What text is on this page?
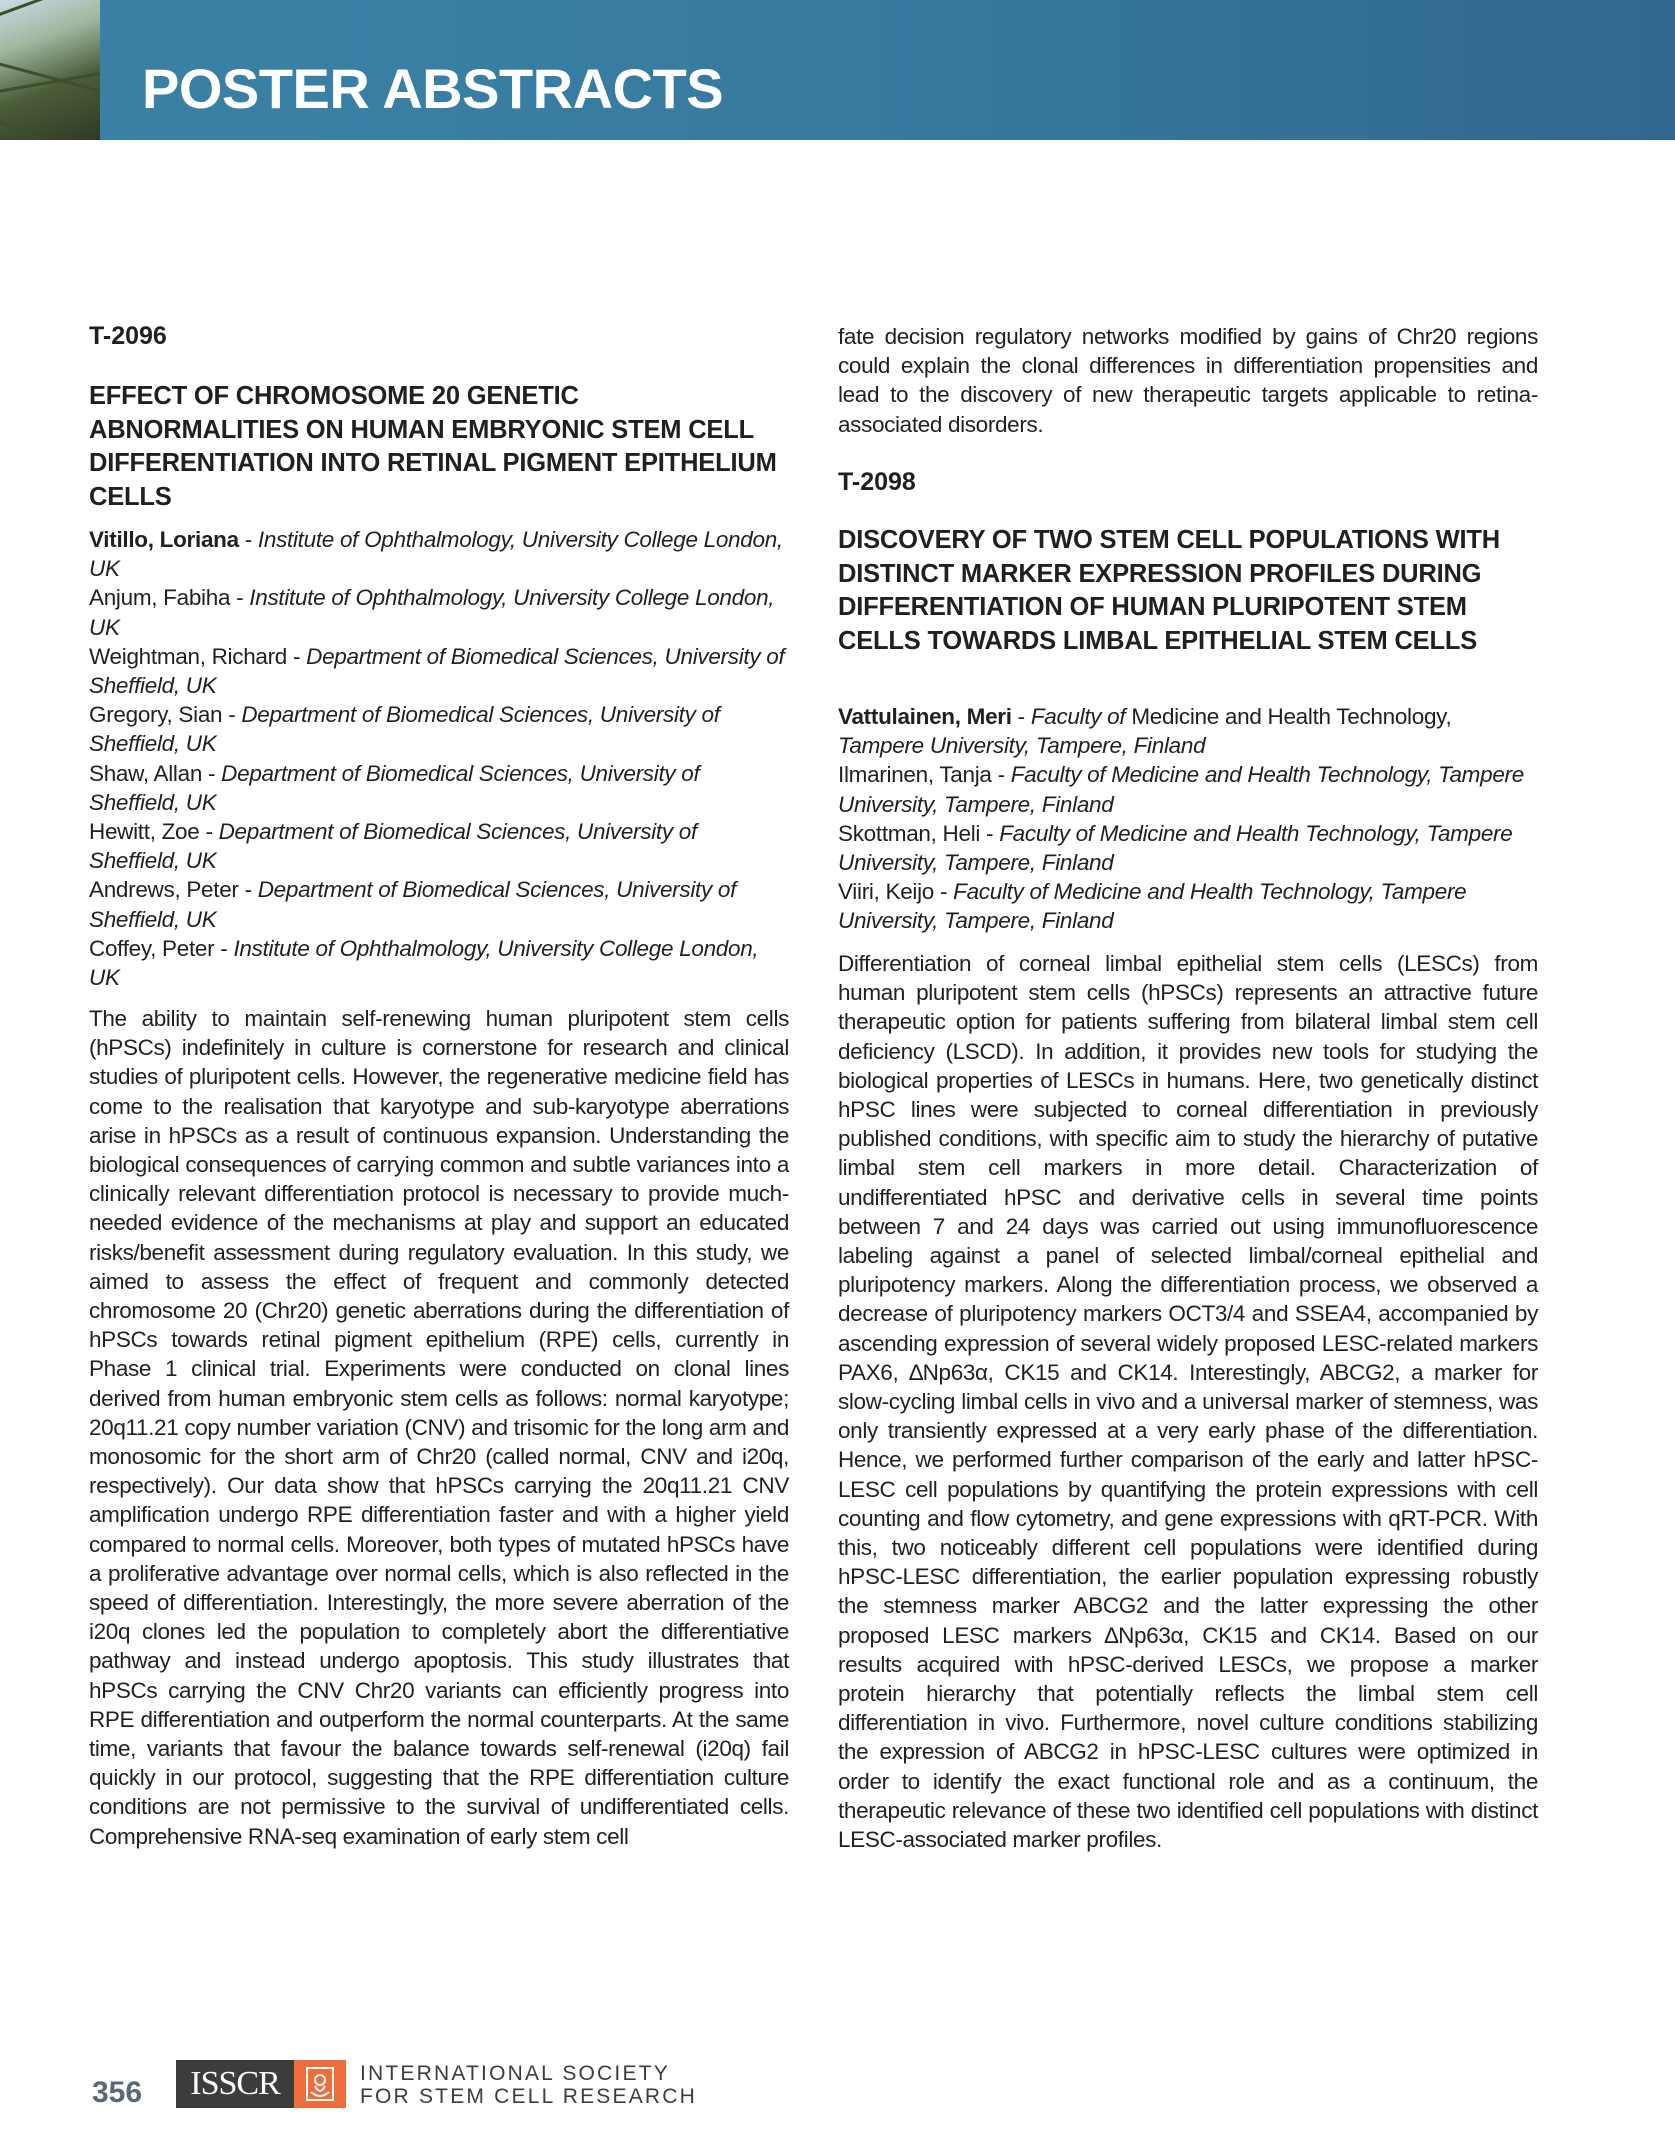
POSTER ABSTRACTS
T-2096
EFFECT OF CHROMOSOME 20 GENETIC ABNORMALITIES ON HUMAN EMBRYONIC STEM CELL DIFFERENTIATION INTO RETINAL PIGMENT EPITHELIUM CELLS
Vitillo, Loriana - Institute of Ophthalmology, University College London, UK
Anjum, Fabiha - Institute of Ophthalmology, University College London, UK
Weightman, Richard - Department of Biomedical Sciences, University of Sheffield, UK
Gregory, Sian - Department of Biomedical Sciences, University of Sheffield, UK
Shaw, Allan - Department of Biomedical Sciences, University of Sheffield, UK
Hewitt, Zoe - Department of Biomedical Sciences, University of Sheffield, UK
Andrews, Peter - Department of Biomedical Sciences, University of Sheffield, UK
Coffey, Peter - Institute of Ophthalmology, University College London, UK
The ability to maintain self-renewing human pluripotent stem cells (hPSCs) indefinitely in culture is cornerstone for research and clinical studies of pluripotent cells. However, the regenerative medicine field has come to the realisation that karyotype and sub-karyotype aberrations arise in hPSCs as a result of continuous expansion. Understanding the biological consequences of carrying common and subtle variances into a clinically relevant differentiation protocol is necessary to provide much-needed evidence of the mechanisms at play and support an educated risks/benefit assessment during regulatory evaluation. In this study, we aimed to assess the effect of frequent and commonly detected chromosome 20 (Chr20) genetic aberrations during the differentiation of hPSCs towards retinal pigment epithelium (RPE) cells, currently in Phase 1 clinical trial. Experiments were conducted on clonal lines derived from human embryonic stem cells as follows: normal karyotype; 20q11.21 copy number variation (CNV) and trisomic for the long arm and monosomic for the short arm of Chr20 (called normal, CNV and i20q, respectively). Our data show that hPSCs carrying the 20q11.21 CNV amplification undergo RPE differentiation faster and with a higher yield compared to normal cells. Moreover, both types of mutated hPSCs have a proliferative advantage over normal cells, which is also reflected in the speed of differentiation. Interestingly, the more severe aberration of the i20q clones led the population to completely abort the differentiative pathway and instead undergo apoptosis. This study illustrates that hPSCs carrying the CNV Chr20 variants can efficiently progress into RPE differentiation and outperform the normal counterparts. At the same time, variants that favour the balance towards self-renewal (i20q) fail quickly in our protocol, suggesting that the RPE differentiation culture conditions are not permissive to the survival of undifferentiated cells. Comprehensive RNA-seq examination of early stem cell
fate decision regulatory networks modified by gains of Chr20 regions could explain the clonal differences in differentiation propensities and lead to the discovery of new therapeutic targets applicable to retina-associated disorders.
T-2098
DISCOVERY OF TWO STEM CELL POPULATIONS WITH DISTINCT MARKER EXPRESSION PROFILES DURING DIFFERENTIATION OF HUMAN PLURIPOTENT STEM CELLS TOWARDS LIMBAL EPITHELIAL STEM CELLS
Vattulainen, Meri - Faculty of Medicine and Health Technology, Tampere University, Tampere, Finland
Ilmarinen, Tanja - Faculty of Medicine and Health Technology, Tampere University, Tampere, Finland
Skottman, Heli - Faculty of Medicine and Health Technology, Tampere University, Tampere, Finland
Viiri, Keijo - Faculty of Medicine and Health Technology, Tampere University, Tampere, Finland
Differentiation of corneal limbal epithelial stem cells (LESCs) from human pluripotent stem cells (hPSCs) represents an attractive future therapeutic option for patients suffering from bilateral limbal stem cell deficiency (LSCD). In addition, it provides new tools for studying the biological properties of LESCs in humans. Here, two genetically distinct hPSC lines were subjected to corneal differentiation in previously published conditions, with specific aim to study the hierarchy of putative limbal stem cell markers in more detail. Characterization of undifferentiated hPSC and derivative cells in several time points between 7 and 24 days was carried out using immunofluorescence labeling against a panel of selected limbal/corneal epithelial and pluripotency markers. Along the differentiation process, we observed a decrease of pluripotency markers OCT3/4 and SSEA4, accompanied by ascending expression of several widely proposed LESC-related markers PAX6, ∆Np63α, CK15 and CK14. Interestingly, ABCG2, a marker for slow-cycling limbal cells in vivo and a universal marker of stemness, was only transiently expressed at a very early phase of the differentiation. Hence, we performed further comparison of the early and latter hPSC-LESC cell populations by quantifying the protein expressions with cell counting and flow cytometry, and gene expressions with qRT-PCR. With this, two noticeably different cell populations were identified during hPSC-LESC differentiation, the earlier population expressing robustly the stemness marker ABCG2 and the latter expressing the other proposed LESC markers ∆Np63α, CK15 and CK14. Based on our results acquired with hPSC-derived LESCs, we propose a marker protein hierarchy that potentially reflects the limbal stem cell differentiation in vivo. Furthermore, novel culture conditions stabilizing the expression of ABCG2 in hPSC-LESC cultures were optimized in order to identify the exact functional role and as a continuum, the therapeutic relevance of these two identified cell populations with distinct LESC-associated marker profiles.
356	ISSCR	INTERNATIONAL SOCIETY
FOR STEM CELL RESEARCH
